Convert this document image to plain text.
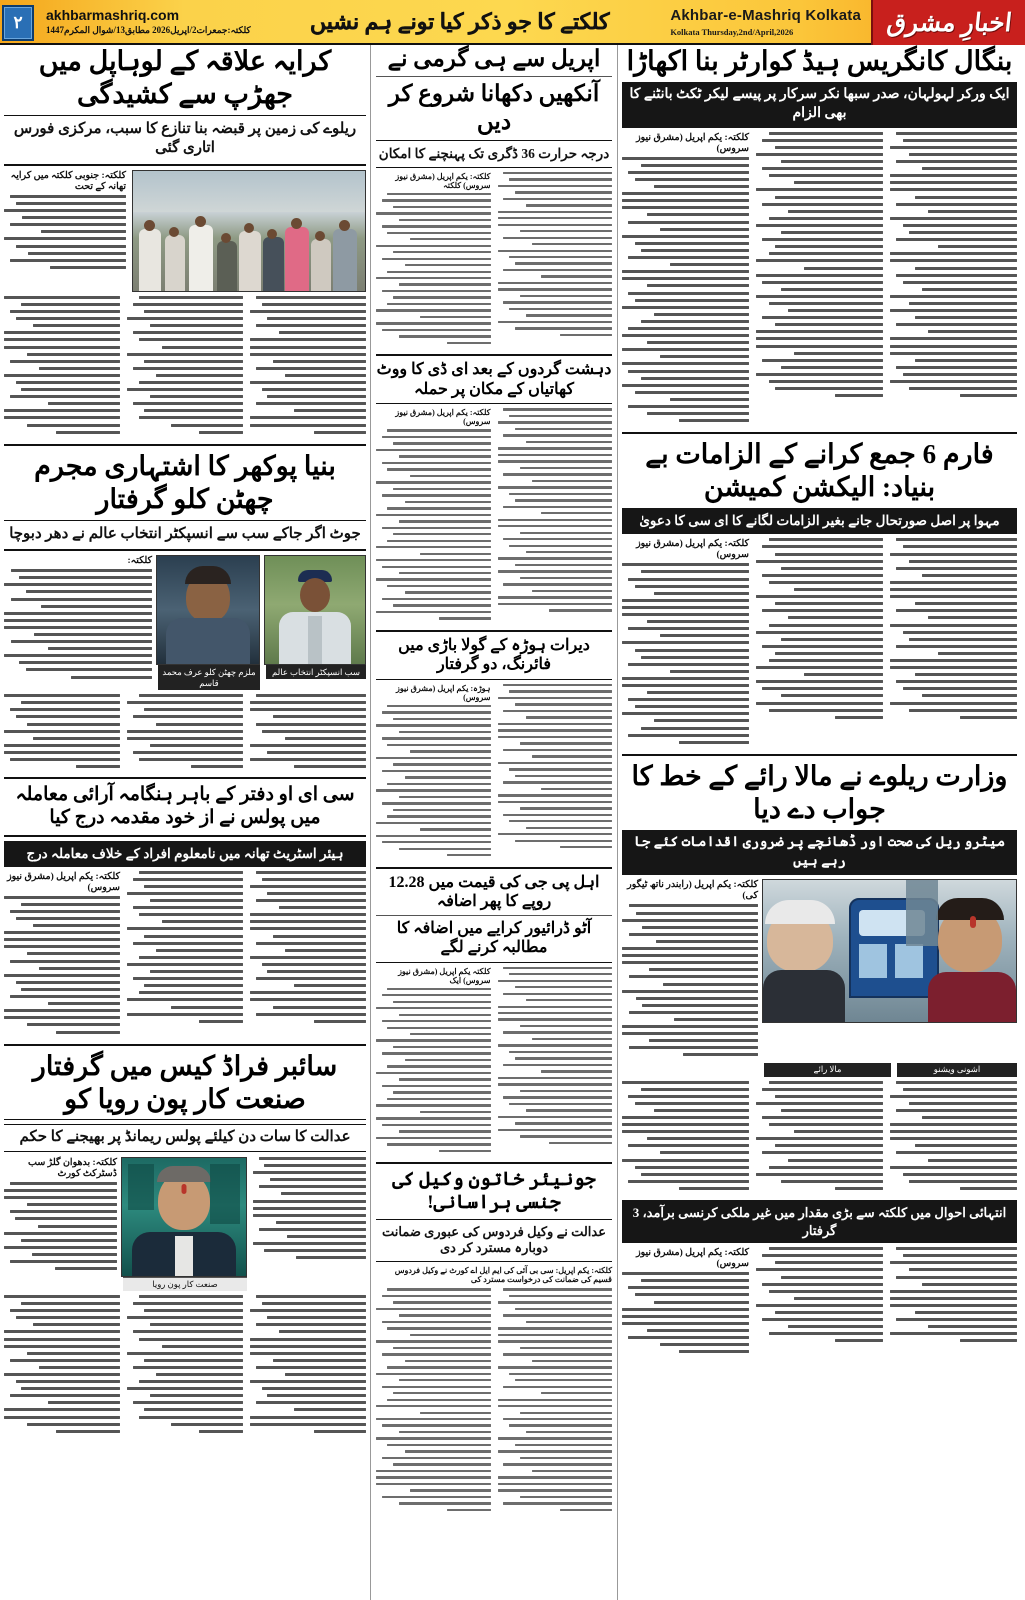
اخبارِ مشرق
Akhbar-e-Mashriq Kolkata
Kolkata Thursday,2nd/April,2026
کلکتے کا جو ذکر کیا تونے ہم نشیں
akhbarmashriq.com
کلکتہ:جمعرات2/اپریل2026 مطابق13/شوال المکرم1447
۲
کرایہ علاقہ کے لوہاپل میں جھڑپ سے کشیدگی
ریلوے کی زمین پر قبضہ بنا تنازع کا سبب، مرکزی فورس اتاری گئی
کلکتہ: جنوبی کلکتہ میں کرایہ تھانہ کے تحت
بنیا پوکھر کا اشتہاری مجرم چھٹن کلو گرفتار
جوٹ اگر جاکے سب سے انسپکٹر انتخاب عالم نے دھر دبوچا
سب انسپکٹر انتخاب عالم
ملزم چھٹن کلو عرف محمد قاسم
کلکتہ:
سی ای او دفتر کے باہر ہنگامہ آرائی معاملہ میں پولس نے از خود مقدمہ درج کیا
ہیئر اسٹریٹ تھانہ میں نامعلوم افراد کے خلاف معاملہ درج
کلکتہ: یکم اپریل (مشرق نیوز سروس)
سائبر فراڈ کیس میں گرفتار صنعت کار پون رویا کو
عدالت کا سات دن کیلئے پولس ریمانڈ پر بھیجنے کا حکم
صنعت کار پون رویا
کلکتہ: بدھوان گلڑ سب ڈسٹرکٹ کورٹ
اپریل سے ہی گرمی نے
آنکھیں دکھانا شروع کر دیں
درجہ حرارت 36 ڈگری تک پہنچنے کا امکان
کلکتہ: یکم اپریل (مشرق نیوز سروس) کلکتہ
دہشت گردوں کے بعد ای ڈی کا ووٹ کھاتیاں کے مکان پر حملہ
کلکتہ: یکم اپریل (مشرق نیوز سروس)
دیرات ہوڑہ کے گولا باڑی میں فائرنگ، دو گرفتار
ہوڑہ: یکم اپریل (مشرق نیوز سروس)
اہل پی جی کی قیمت میں 12.28 روپے کا پھر اضافہ
آٹو ڈرائیور کرایے میں اضافہ کا مطالبہ کرنے لگے
کلکتہ یکم اپریل (مشرق نیوز سروس) ایک
جونیئر خاتون وکیل کی جنسی ہراسانی!
عدالت نے وکیل فردوس کی عبوری ضمانت دوبارہ مسترد کر دی
کلکتہ: یکم اپریل: سی بی آئی کی ایم ایل اے کورٹ نے وکیل فردوس قسیم کی ضمانت کی درخواست مسترد کی
بنگال کانگریس ہیڈ کوارٹر بنا اکھاڑا
ایک ورکر لہولہان، صدر سبھا نکر سرکار پر پیسے لیکر ٹکٹ بانٹنے کا بھی الزام
کلکتہ: یکم اپریل (مشرق نیوز سروس)
فارم 6 جمع کرانے کے الزامات بے بنیاد: الیکشن کمیشن
مہوا پر اصل صورتحال جانے بغیر الزامات لگانے کا ای سی کا دعویٰ
کلکتہ: یکم اپریل (مشرق نیوز سروس)
وزارت ریلوے نے مالا رائے کے خط کا جواب دے دیا
میٹرو ریل کی صحت اور ڈھانچے پر ضروری اقدامات کئے جا رہے ہیں
کلکتہ: یکم اپریل (رابندر ناتھ ٹیگور کی)
اشونی ویشنو
مالا رائے
انتہائی احوال میں کلکتہ سے بڑی مقدار میں غیر ملکی کرنسی برآمد، 3 گرفتار
کلکتہ: یکم اپریل (مشرق نیوز سروس)
